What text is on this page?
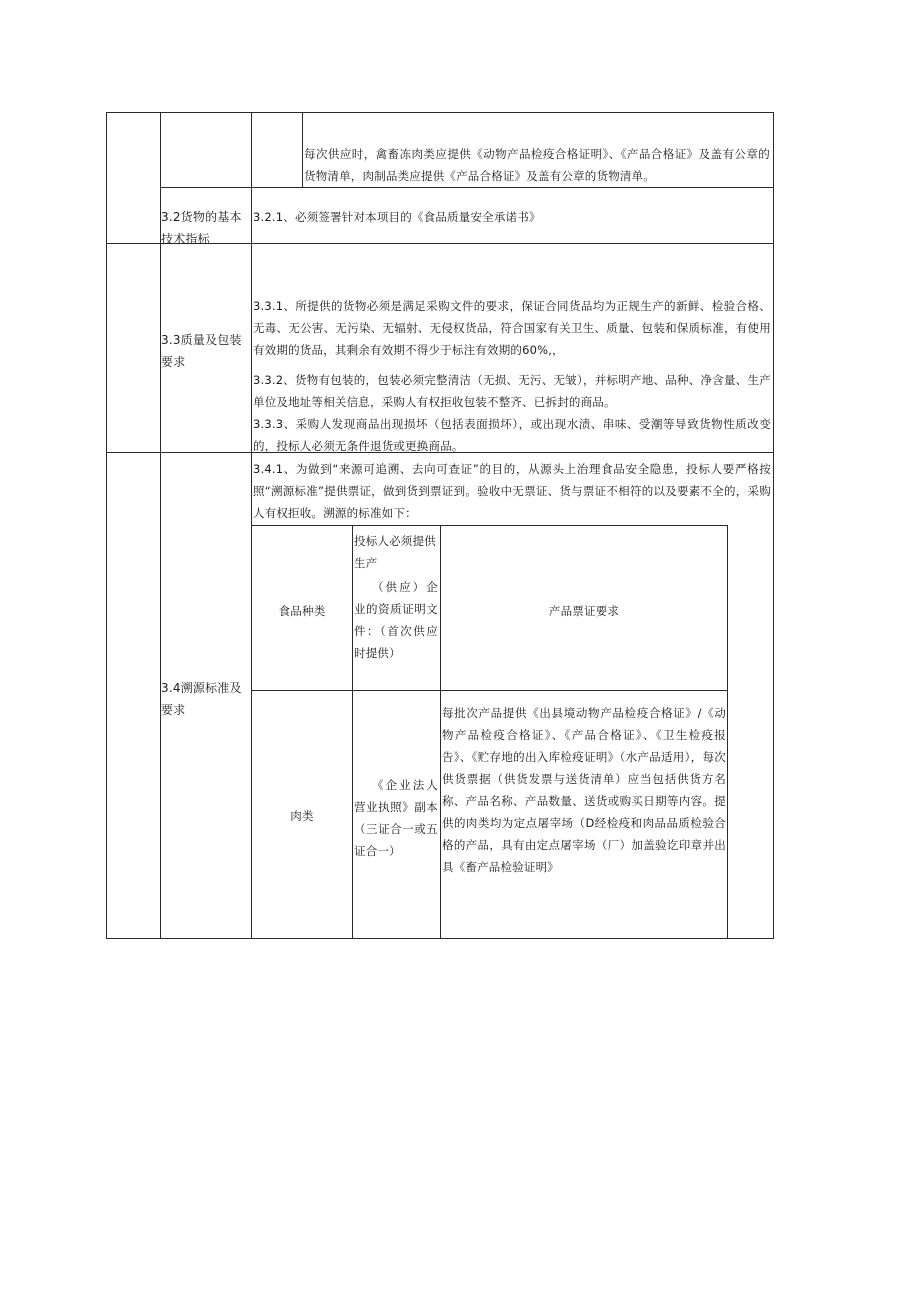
每次供应时，禽畜冻肉类应提供《动物产品检疫合格证明》、《产品合格证》及盖有公章的货物清单，肉制品类应提供《产品合格证》及盖有公章的货物清单。
3.2货物的基本技术指标
3.2.1、必须签署针对本项目的《食品质量安全承诺书》
3.3质量及包装要求
3.3.1、所提供的货物必须是满足采购文件的要求，保证合同货品均为正规生产的新鲜、检验合格、无毒、无公害、无污染、无辐射、无侵权货品，符合国家有关卫生、质量、包装和保质标准，有使用有效期的货品，其剩余有效期不得少于标注有效期的60%,，
3.3.2、货物有包装的，包装必须完整清洁（无损、无污、无皱），并标明产地、品种、净含量、生产单位及地址等相关信息，采购人有权拒收包装不整齐、已拆封的商品。
3.3.3、采购人发现商品出现损坏（包括表面损坏），或出现水渍、串味、受潮等导致货物性质改变的，投标人必须无条件退货或更换商品。
3.4溯源标准及要求
3.4.1、为做到“来源可追溯、去向可查证”的目的，从源头上治理食品安全隐患，投标人要严格按照“溯源标准”提供票证，做到货到票证到。验收中无票证、货与票证不相符的以及要素不全的，采购人有权拒收。溯源的标准如下：
食品种类
投标人必须提供生产
（供应）企业的资质证明文件：（首次供应时提供）
产品票证要求
肉类
《企业法人营业执照》副本（三证合一或五证合一）
每批次产品提供《出县境动物产品检疫合格证》/《动物产品检疫合格证》、《产品合格证》、《卫生检疫报告》、《贮存地的出入库检疫证明》（水产品适用），每次供货票据（供货发票与送货清单）应当包括供货方名称、产品名称、产品数量、送货或购买日期等内容。提供的肉类均为定点屠宰场（D经检疫和肉品品质检验合格的产品，具有由定点屠宰场（厂）加盖验讫印章并出具《畜产品检验证明》
